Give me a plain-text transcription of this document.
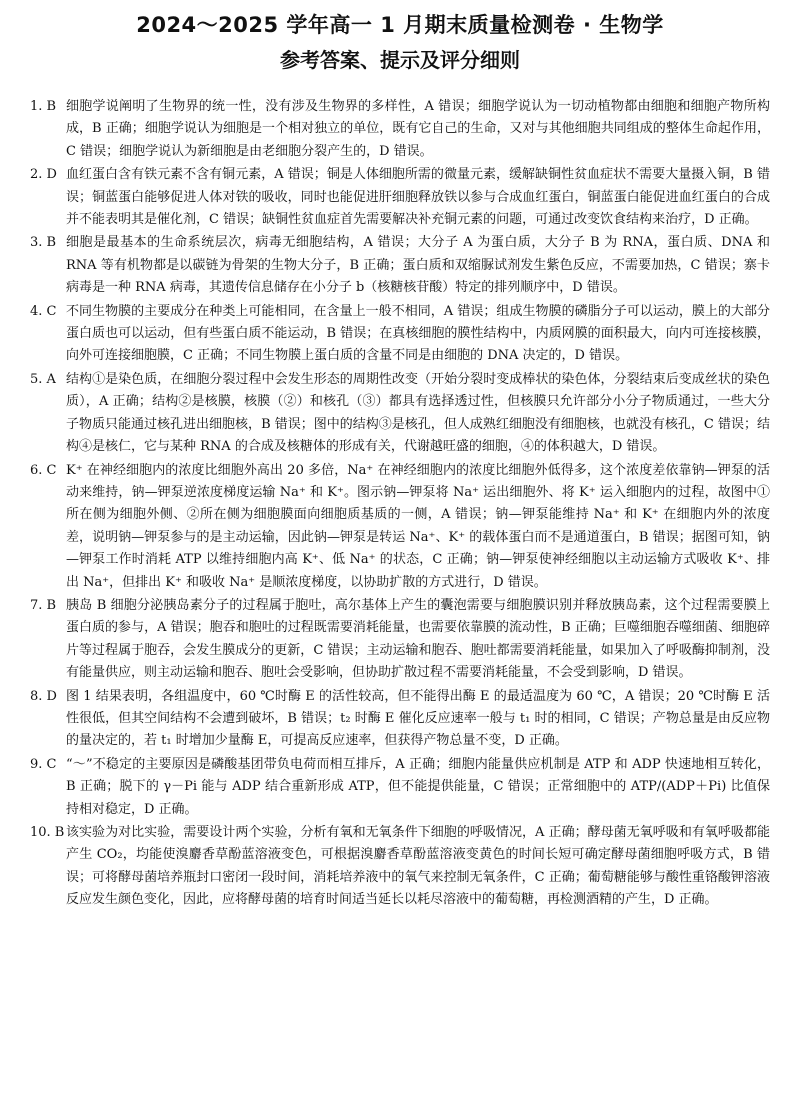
2024～2025 学年高一 1 月期末质量检测卷 · 生物学
参考答案、提示及评分细则

1. B 细胞学说阐明了生物界的统一性，没有涉及生物界的多样性，A 错误；细胞学说认为一切动植物都由细胞和细胞产物所构成，B 正确；细胞学说认为细胞是一个相对独立的单位，既有它自己的生命，又对与其他细胞共同组成的整体生命起作用，C 错误；细胞学说认为新细胞是由老细胞分裂产生的，D 错误。

2. D 血红蛋白含有铁元素不含有铜元素，A 错误；铜是人体细胞所需的微量元素，缓解缺铜性贫血症状不需要大量摄入铜，B 错误；铜蓝蛋白能够促进人体对铁的吸收，同时也能促进肝细胞释放铁以参与合成血红蛋白，铜蓝蛋白能促进血红蛋白的合成并不能表明其是催化剂，C 错误；缺铜性贫血症首先需要解决补充铜元素的问题，可通过改变饮食结构来治疗，D 正确。

3. B 细胞是最基本的生命系统层次，病毒无细胞结构，A 错误；大分子 A 为蛋白质，大分子 B 为 RNA，蛋白质、DNA 和 RNA 等有机物都是以碳链为骨架的生物大分子，B 正确；蛋白质和双缩脲试剂发生紫色反应，不需要加热，C 错误；寨卡病毒是一种 RNA 病毒，其遗传信息储存在小分子 b（核糖核苷酸）特定的排列顺序中，D 错误。

4. C 不同生物膜的主要成分在种类上可能相同，在含量上一般不相同，A 错误；组成生物膜的磷脂分子可以运动，膜上的大部分蛋白质也可以运动，但有些蛋白质不能运动，B 错误；在真核细胞的膜性结构中，内质网膜的面积最大，向内可连接核膜，向外可连接细胞膜，C 正确；不同生物膜上蛋白质的含量不同是由细胞的 DNA 决定的，D 错误。

5. A 结构①是染色质，在细胞分裂过程中会发生形态的周期性改变（开始分裂时变成棒状的染色体，分裂结束后变成丝状的染色质），A 正确；结构②是核膜，核膜（②）和核孔（③）都具有选择透过性，但核膜只允许部分小分子物质通过，一些大分子物质只能通过核孔进出细胞核，B 错误；图中的结构③是核孔，但人成熟红细胞没有细胞核，也就没有核孔，C 错误；结构④是核仁，它与某种 RNA 的合成及核糖体的形成有关，代谢越旺盛的细胞，④的体积越大，D 错误。

6. C K⁺ 在神经细胞内的浓度比细胞外高出 20 多倍，Na⁺ 在神经细胞内的浓度比细胞外低得多，这个浓度差依靠钠—钾泵的活动来维持，钠—钾泵逆浓度梯度运输 Na⁺ 和 K⁺。图示钠—钾泵将 Na⁺ 运出细胞外、将 K⁺ 运入细胞内的过程，故图中①所在侧为细胞外侧、②所在侧为细胞膜面向细胞质基质的一侧，A 错误；钠—钾泵能维持 Na⁺ 和 K⁺ 在细胞内外的浓度差，说明钠—钾泵参与的是主动运输，因此钠—钾泵是转运 Na⁺、K⁺ 的载体蛋白而不是通道蛋白，B 错误；据图可知，钠—钾泵工作时消耗 ATP 以维持细胞内高 K⁺、低 Na⁺ 的状态，C 正确；钠—钾泵使神经细胞以主动运输方式吸收 K⁺、排出 Na⁺，但排出 K⁺ 和吸收 Na⁺ 是顺浓度梯度，以协助扩散的方式进行，D 错误。

7. B 胰岛 B 细胞分泌胰岛素分子的过程属于胞吐，高尔基体上产生的囊泡需要与细胞膜识别并释放胰岛素，这个过程需要膜上蛋白质的参与，A 错误；胞吞和胞吐的过程既需要消耗能量，也需要依靠膜的流动性，B 正确；巨噬细胞吞噬细菌、细胞碎片等过程属于胞吞，会发生膜成分的更新，C 错误；主动运输和胞吞、胞吐都需要消耗能量，如果加入了呼吸酶抑制剂，没有能量供应，则主动运输和胞吞、胞吐会受影响，但协助扩散过程不需要消耗能量，不会受到影响，D 错误。

8. D 图 1 结果表明，各组温度中，60 ℃时酶 E 的活性较高，但不能得出酶 E 的最适温度为 60 ℃，A 错误；20 ℃时酶 E 活性很低，但其空间结构不会遭到破坏，B 错误；t₂ 时酶 E 催化反应速率一般与 t₁ 时的相同，C 错误；产物总量是由反应物的量决定的，若 t₁ 时增加少量酶 E，可提高反应速率，但获得产物总量不变，D 正确。

9. C “～”不稳定的主要原因是磷酸基团带负电荷而相互排斥，A 正确；细胞内能量供应机制是 ATP 和 ADP 快速地相互转化，B 正确；脱下的 γ－Pi 能与 ADP 结合重新形成 ATP，但不能提供能量，C 错误；正常细胞中的 ATP/(ADP＋Pi) 比值保持相对稳定，D 正确。

10. B 该实验为对比实验，需要设计两个实验，分析有氧和无氧条件下细胞的呼吸情况，A 正确；酵母菌无氧呼吸和有氧呼吸都能产生 CO₂，均能使溴麝香草酚蓝溶液变色，可根据溴麝香草酚蓝溶液变黄色的时间长短可确定酵母菌细胞呼吸方式，B 错误；可将酵母菌培养瓶封口密闭一段时间，消耗培养液中的氧气来控制无氧条件，C 正确；葡萄糖能够与酸性重铬酸钾溶液反应发生颜色变化，因此，应将酵母菌的培育时间适当延长以耗尽溶液中的葡萄糖，再检测酒精的产生，D 正确。
